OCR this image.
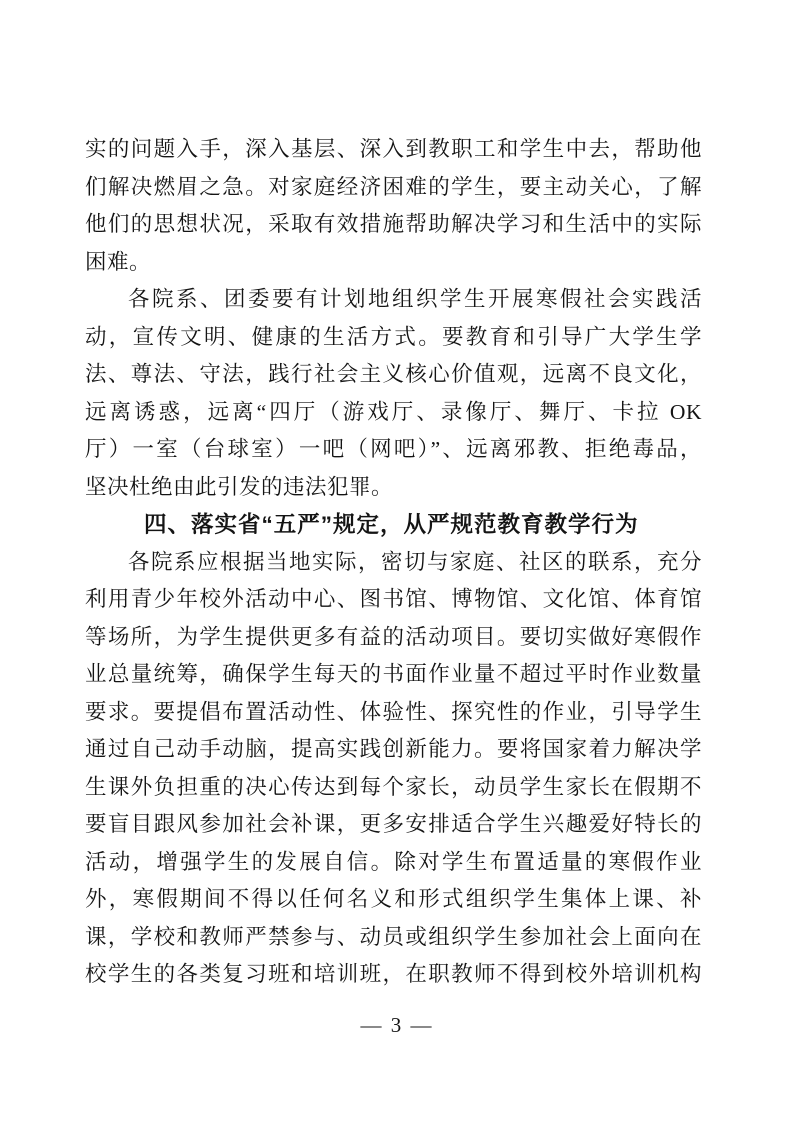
实的问题入手，深入基层、深入到教职工和学生中去，帮助他
们解决燃眉之急。对家庭经济困难的学生，要主动关心，了解
他们的思想状况，采取有效措施帮助解决学习和生活中的实际
困难。
各院系、团委要有计划地组织学生开展寒假社会实践活
动，宣传文明、健康的生活方式。要教育和引导广大学生学
法、尊法、守法，践行社会主义核心价值观，远离不良文化，
远离诱惑，远离“四厅（游戏厅、录像厅、舞厅、卡拉 OK
厅）一室（台球室）一吧（网吧）”、远离邪教、拒绝毒品，
坚决杜绝由此引发的违法犯罪。
四、落实省“五严”规定，从严规范教育教学行为
各院系应根据当地实际，密切与家庭、社区的联系，充分
利用青少年校外活动中心、图书馆、博物馆、文化馆、体育馆
等场所，为学生提供更多有益的活动项目。要切实做好寒假作
业总量统筹，确保学生每天的书面作业量不超过平时作业数量
要求。要提倡布置活动性、体验性、探究性的作业，引导学生
通过自己动手动脑，提高实践创新能力。要将国家着力解决学
生课外负担重的决心传达到每个家长，动员学生家长在假期不
要盲目跟风参加社会补课，更多安排适合学生兴趣爱好特长的
活动，增强学生的发展自信。除对学生布置适量的寒假作业
外，寒假期间不得以任何名义和形式组织学生集体上课、补
课，学校和教师严禁参与、动员或组织学生参加社会上面向在
校学生的各类复习班和培训班，在职教师不得到校外培训机构
— 3 —
